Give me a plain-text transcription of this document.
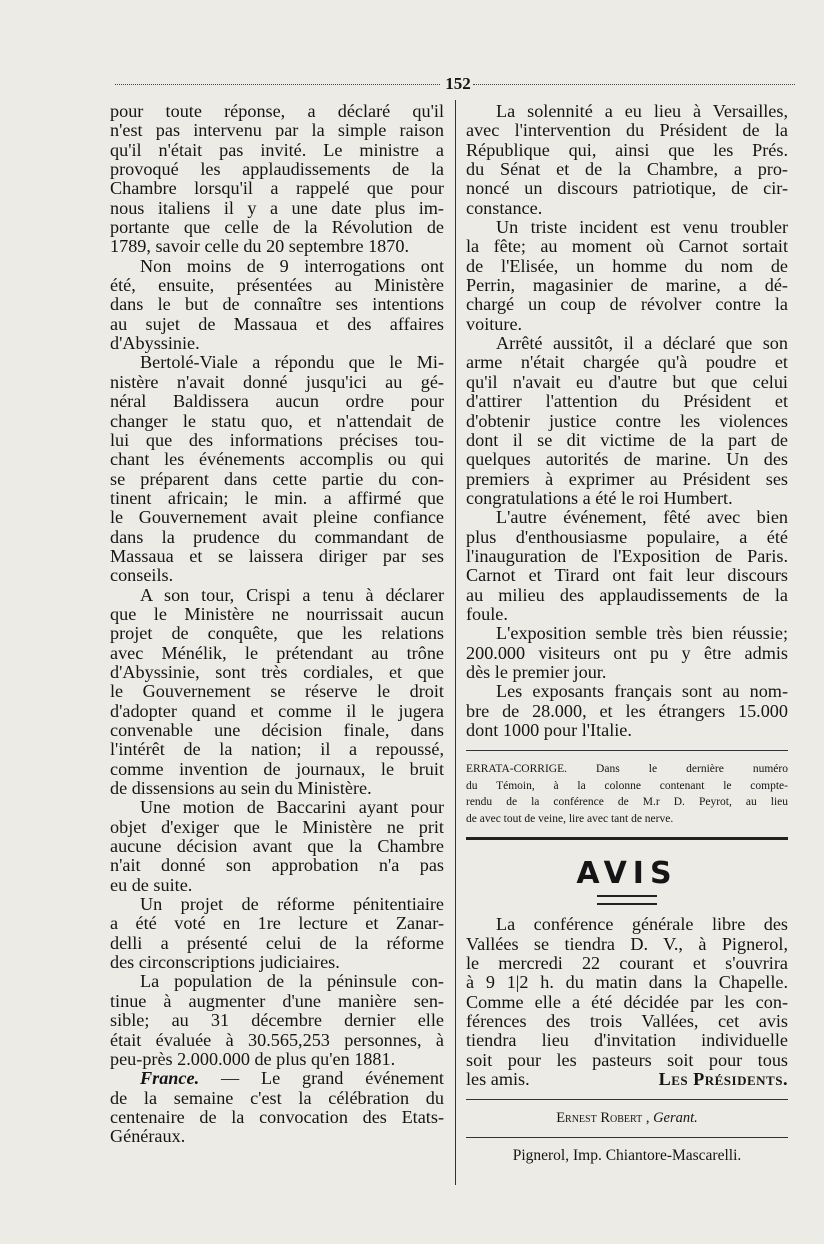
152
pour toute réponse, a déclaré qu'il
n'est pas intervenu par la simple raison
qu'il n'était pas invité. Le ministre a
provoqué les applaudissements de la
Chambre lorsqu'il a rappelé que pour
nous italiens il y a une date plus im-
portante que celle de la Révolution de
1789, savoir celle du 20 septembre 1870.
Non moins de 9 interrogations ont
été, ensuite, présentées au Ministère
dans le but de connaître ses intentions
au sujet de Massaua et des affaires
d'Abyssinie.
Bertolé-Viale a répondu que le Mi-
nistère n'avait donné jusqu'ici au gé-
néral Baldissera aucun ordre pour
changer le statu quo, et n'attendait de
lui que des informations précises tou-
chant les événements accomplis ou qui
se préparent dans cette partie du con-
tinent africain; le min. a affirmé que
le Gouvernement avait pleine confiance
dans la prudence du commandant de
Massaua et se laissera diriger par ses
conseils.
A son tour, Crispi a tenu à déclarer
que le Ministère ne nourrissait aucun
projet de conquête, que les relations
avec Ménélik, le prétendant au trône
d'Abyssinie, sont très cordiales, et que
le Gouvernement se réserve le droit
d'adopter quand et comme il le jugera
convenable une décision finale, dans
l'intérêt de la nation; il a repoussé,
comme invention de journaux, le bruit
de dissensions au sein du Ministère.
Une motion de Baccarini ayant pour
objet d'exiger que le Ministère ne prit
aucune décision avant que la Chambre
n'ait donné son approbation n'a pas
eu de suite.
Un projet de réforme pénitentiaire
a été voté en 1re lecture et Zanar-
delli a présenté celui de la réforme
des circonscriptions judiciaires.
La population de la péninsule con-
tinue à augmenter d'une manière sen-
sible; au 31 décembre dernier elle
était évaluée à 30.565,253 personnes, à
peu-près 2.000.000 de plus qu'en 1881.
France. — Le grand événement
de la semaine c'est la célébration du
centenaire de la convocation des Etats-
Généraux.
La solennité a eu lieu à Versailles,
avec l'intervention du Président de la
République qui, ainsi que les Prés.
du Sénat et de la Chambre, a pro-
noncé un discours patriotique, de cir-
constance.
Un triste incident est venu troubler
la fête; au moment où Carnot sortait
de l'Elisée, un homme du nom de
Perrin, magasinier de marine, a dé-
chargé un coup de révolver contre la
voiture.
Arrêté aussitôt, il a déclaré que son
arme n'était chargée qu'à poudre et
qu'il n'avait eu d'autre but que celui
d'attirer l'attention du Président et
d'obtenir justice contre les violences
dont il se dit victime de la part de
quelques autorités de marine. Un des
premiers à exprimer au Président ses
congratulations a été le roi Humbert.
L'autre événement, fêté avec bien
plus d'enthousiasme populaire, a été
l'inauguration de l'Exposition de Paris.
Carnot et Tirard ont fait leur discours
au milieu des applaudissements de la
foule.
L'exposition semble très bien réussie;
200.000 visiteurs ont pu y être admis
dès le premier jour.
Les exposants français sont au nom-
bre de 28.000, et les étrangers 15.000
dont 1000 pour l'Italie.
ERRATA-CORRIGE. Dans le dernière numéro
du Témoin, à la colonne contenant le compte-
rendu de la conférence de M.r D. Peyrot, au lieu
de avec tout de veine, lire avec tant de nerve.
AVIS
La conférence générale libre des
Vallées se tiendra D. V., à Pignerol,
le mercredi 22 courant et s'ouvrira
à 9 1|2 h. du matin dans la Chapelle.
Comme elle a été décidée par les con-
férences des trois Vallées, cet avis
tiendra lieu d'invitation individuelle
soit pour les pasteurs soit pour tous
les amis.	Les Présidents.
Ernest Robert , Gerant.
Pignerol, Imp. Chiantore-Mascarelli.
